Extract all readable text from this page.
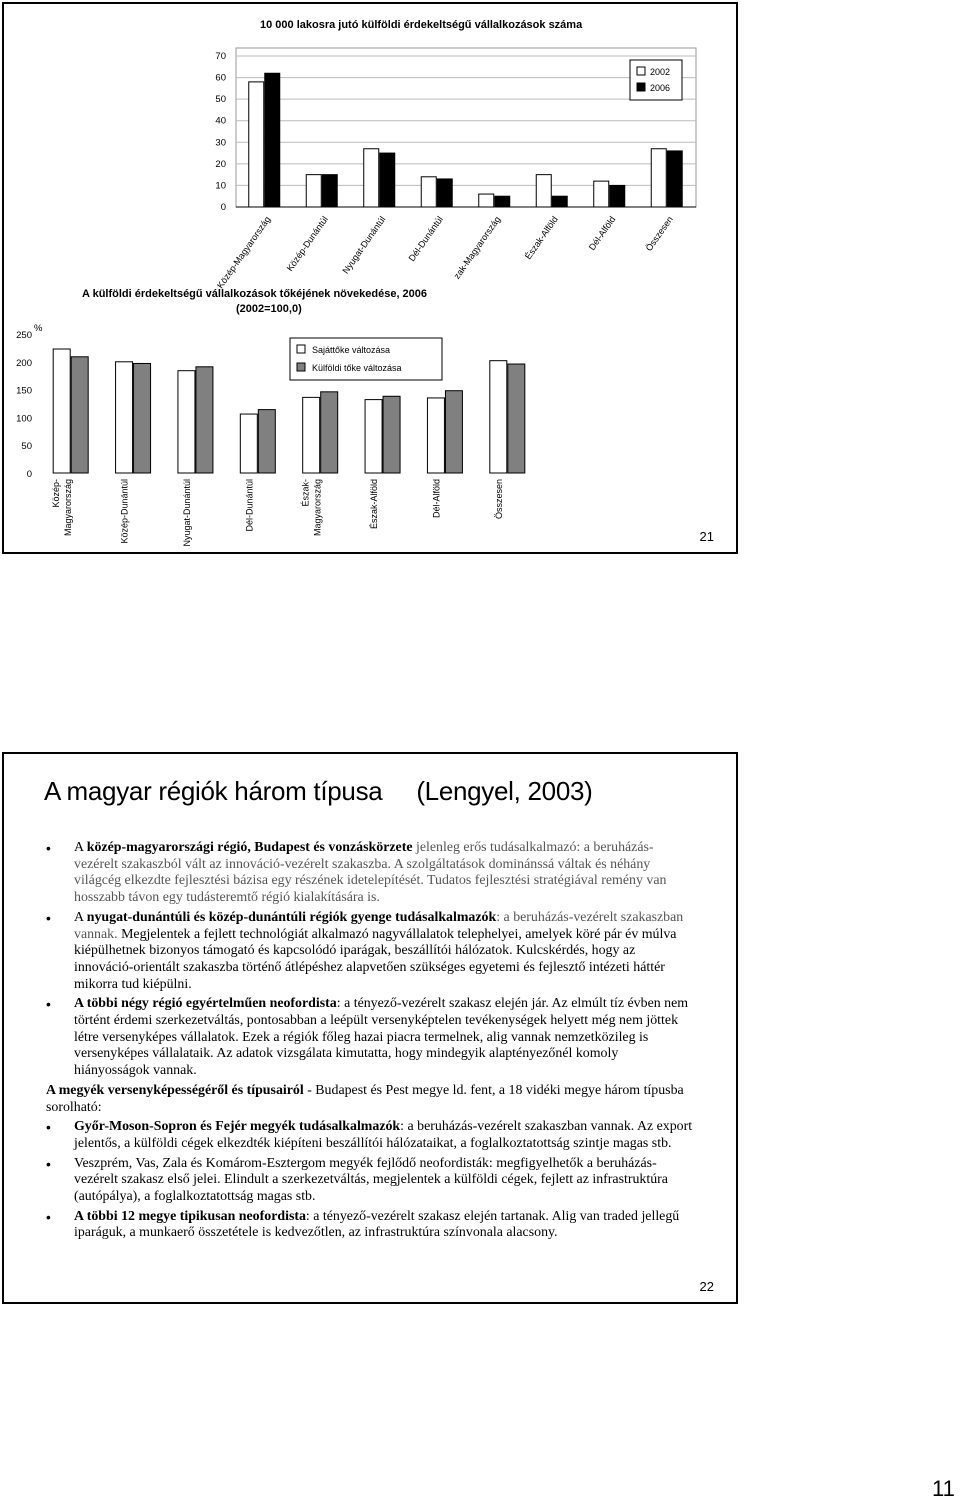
10 000 lakosra jutó külföldi érdekeltségű vállalkozások száma
0
10
20
30
40
50
60
70
Közép-Magyarország Közép-Dunántúl Nyugat-Dunántúl Dél-Dunántúl zak-Magyarország Észak-Alföld	Dél-Alföld	Összesen
2002
2006
A külföldi érdekeltségű vállalkozások tőkéjének növekedése, 2006
(2002=100,0)
%
0
50
100
150
200
250
Közép- Magyarország	Közép-Dunántúl	Nyugat-Dunántúl	Dél-Dunántúl	Észak- Magyarország	Észak-Alföld	Dél-Alföld	Összesen
Sajáttőke változása
Külföldi tőke változása
21
A magyar régiók három típusa (Lengyel, 2003)
• A közép-magyarországi régió, Budapest és vonzáskörzete jelenleg erős tudásalkalmazó: a beruházás-vezérelt szakaszból vált az innováció-vezérelt szakaszba. A szolgáltatások dominánssá váltak és néhány világcég elkezdte fejlesztési bázisa egy részének idetelepítését. Tudatos fejlesztési stratégiával remény van hosszabb távon egy tudásteremtő régió kialakítására is.
• A nyugat-dunántúli és közép-dunántúli régiók gyenge tudásalkalmazók: a beruházás-vezérelt szakaszban vannak. Megjelentek a fejlett technológiát alkalmazó nagyvállalatok telephelyei, amelyek köré pár év múlva kiépülhetnek bizonyos támogató és kapcsolódó iparágak, beszállítói hálózatok. Kulcskérdés, hogy az innováció-orientált szakaszba történő átlépéshez alapvetően szükséges egyetemi és fejlesztő intézeti háttér mikorra tud kiépülni.
• A többi négy régió egyértelműen neofordista: a tényező-vezérelt szakasz elején jár. Az elmúlt tíz évben nem történt érdemi szerkezetváltás, pontosabban a leépült versenyképtelen tevékenységek helyett még nem jöttek létre versenyképes vállalatok. Ezek a régiók főleg hazai piacra termelnek, alig vannak nemzetközileg is versenyképes vállalataik. Az adatok vizsgálata kimutatta, hogy mindegyik alaptényezőnél komoly hiányosságok vannak.
A megyék versenyképességéről és típusairól - Budapest és Pest megye ld. fent, a 18 vidéki megye három típusba sorolható:
• Győr-Moson-Sopron és Fejér megyék tudásalkalmazók: a beruházás-vezérelt szakaszban vannak. Az export jelentős, a külföldi cégek elkezdték kiépíteni beszállítói hálózataikat, a foglalkoztatottság szintje magas stb.
• Veszprém, Vas, Zala és Komárom-Esztergom megyék fejlődő neofordisták: megfigyelhetők a beruházás-vezérelt szakasz első jelei. Elindult a szerkezetváltás, megjelentek a külföldi cégek, fejlett az infrastruktúra (autópálya), a foglalkoztatottság magas stb.
• A többi 12 megye tipikusan neofordista: a tényező-vezérelt szakasz elején tartanak. Alig van traded jellegű iparáguk, a munkaerő összetétele is kedvezőtlen, az infrastruktúra színvonala alacsony.
22
11
